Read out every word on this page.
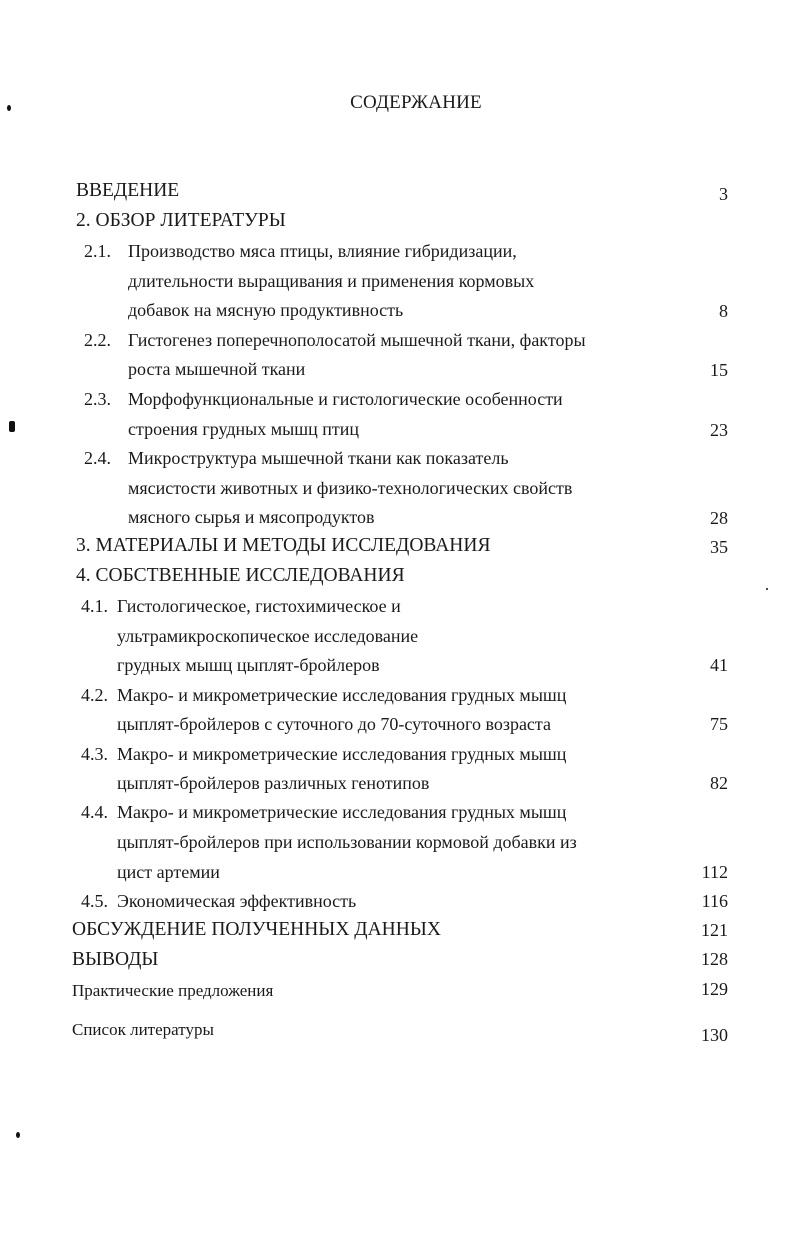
СОДЕРЖАНИЕ
ВВЕДЕНИЕ	3
2. ОБЗОР ЛИТЕРАТУРЫ
2.1. Производство мяса птицы, влияние гибридизации,
длительности выращивания и применения кормовых
добавок на мясную продуктивность	8
2.2. Гистогенез поперечнополосатой мышечной ткани, факторы
роста мышечной ткани	15
2.3. Морфофункциональные и гистологические особенности
строения грудных мышц птиц	23
2.4. Микроструктура мышечной ткани как показатель
мясистости животных и физико-технологических свойств
мясного сырья и мясопродуктов	28
3. МАТЕРИАЛЫ И МЕТОДЫ ИССЛЕДОВАНИЯ	35
4. СОБСТВЕННЫЕ ИССЛЕДОВАНИЯ
4.1. Гистологическое, гистохимическое и
ультрамикроскопическое исследование
грудных мышц цыплят-бройлеров	41
4.2. Макро- и микрометрические исследования грудных мышц
цыплят-бройлеров с суточного до 70-суточного возраста	75
4.3. Макро- и микрометрические исследования грудных мышц
цыплят-бройлеров различных генотипов	82
4.4. Макро- и микрометрические исследования грудных мышц
цыплят-бройлеров при использовании кормовой добавки из
цист артемии	112
4.5. Экономическая эффективность	116
ОБСУЖДЕНИЕ ПОЛУЧЕННЫХ ДАННЫХ	121
ВЫВОДЫ	128
Практические предложения	129
Список литературы	130
